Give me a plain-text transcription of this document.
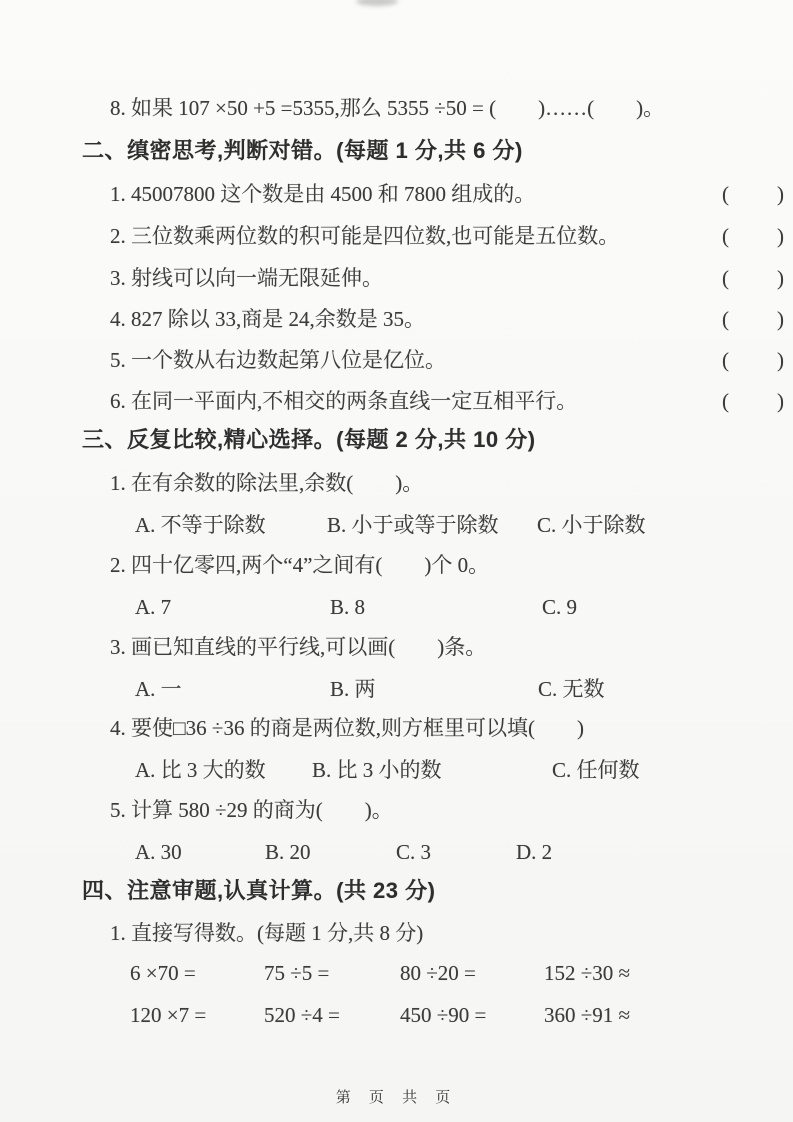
8. 如果 107 ×50 +5 =5355,那么 5355 ÷50 = (　　)……(　　)。
二、缜密思考,判断对错。(每题 1 分,共 6 分)
1. 45007800 这个数是由 4500 和 7800 组成的。	(　　)
2. 三位数乘两位数的积可能是四位数,也可能是五位数。	(　　)
3. 射线可以向一端无限延伸。	(　　)
4. 827 除以 33,商是 24,余数是 35。	(　　)
5. 一个数从右边数起第八位是亿位。	(　　)
6. 在同一平面内,不相交的两条直线一定互相平行。	(　　)
三、反复比较,精心选择。(每题 2 分,共 10 分)
1. 在有余数的除法里,余数(　　)。
A. 不等于除数	B. 小于或等于除数 C. 小于除数
2. 四十亿零四,两个“4”之间有(　　)个 0。
A. 7	B. 8	C. 9
3. 画已知直线的平行线,可以画(　　)条。
A. 一	B. 两	C. 无数
4. 要使□36 ÷36 的商是两位数,则方框里可以填(　　)
A. 比 3 大的数 B. 比 3 小的数	C. 任何数
5. 计算 580 ÷29 的商为(　　)。
A. 30	B. 20	C. 3	D. 2
四、注意审题,认真计算。(共 23 分)
1. 直接写得数。(每题 1 分,共 8 分)
6 ×70 =	75 ÷5 =	80 ÷20 =	152 ÷30 ≈
120 ×7 =	520 ÷4 =	450 ÷90 =	360 ÷91 ≈
第 页 共 页
